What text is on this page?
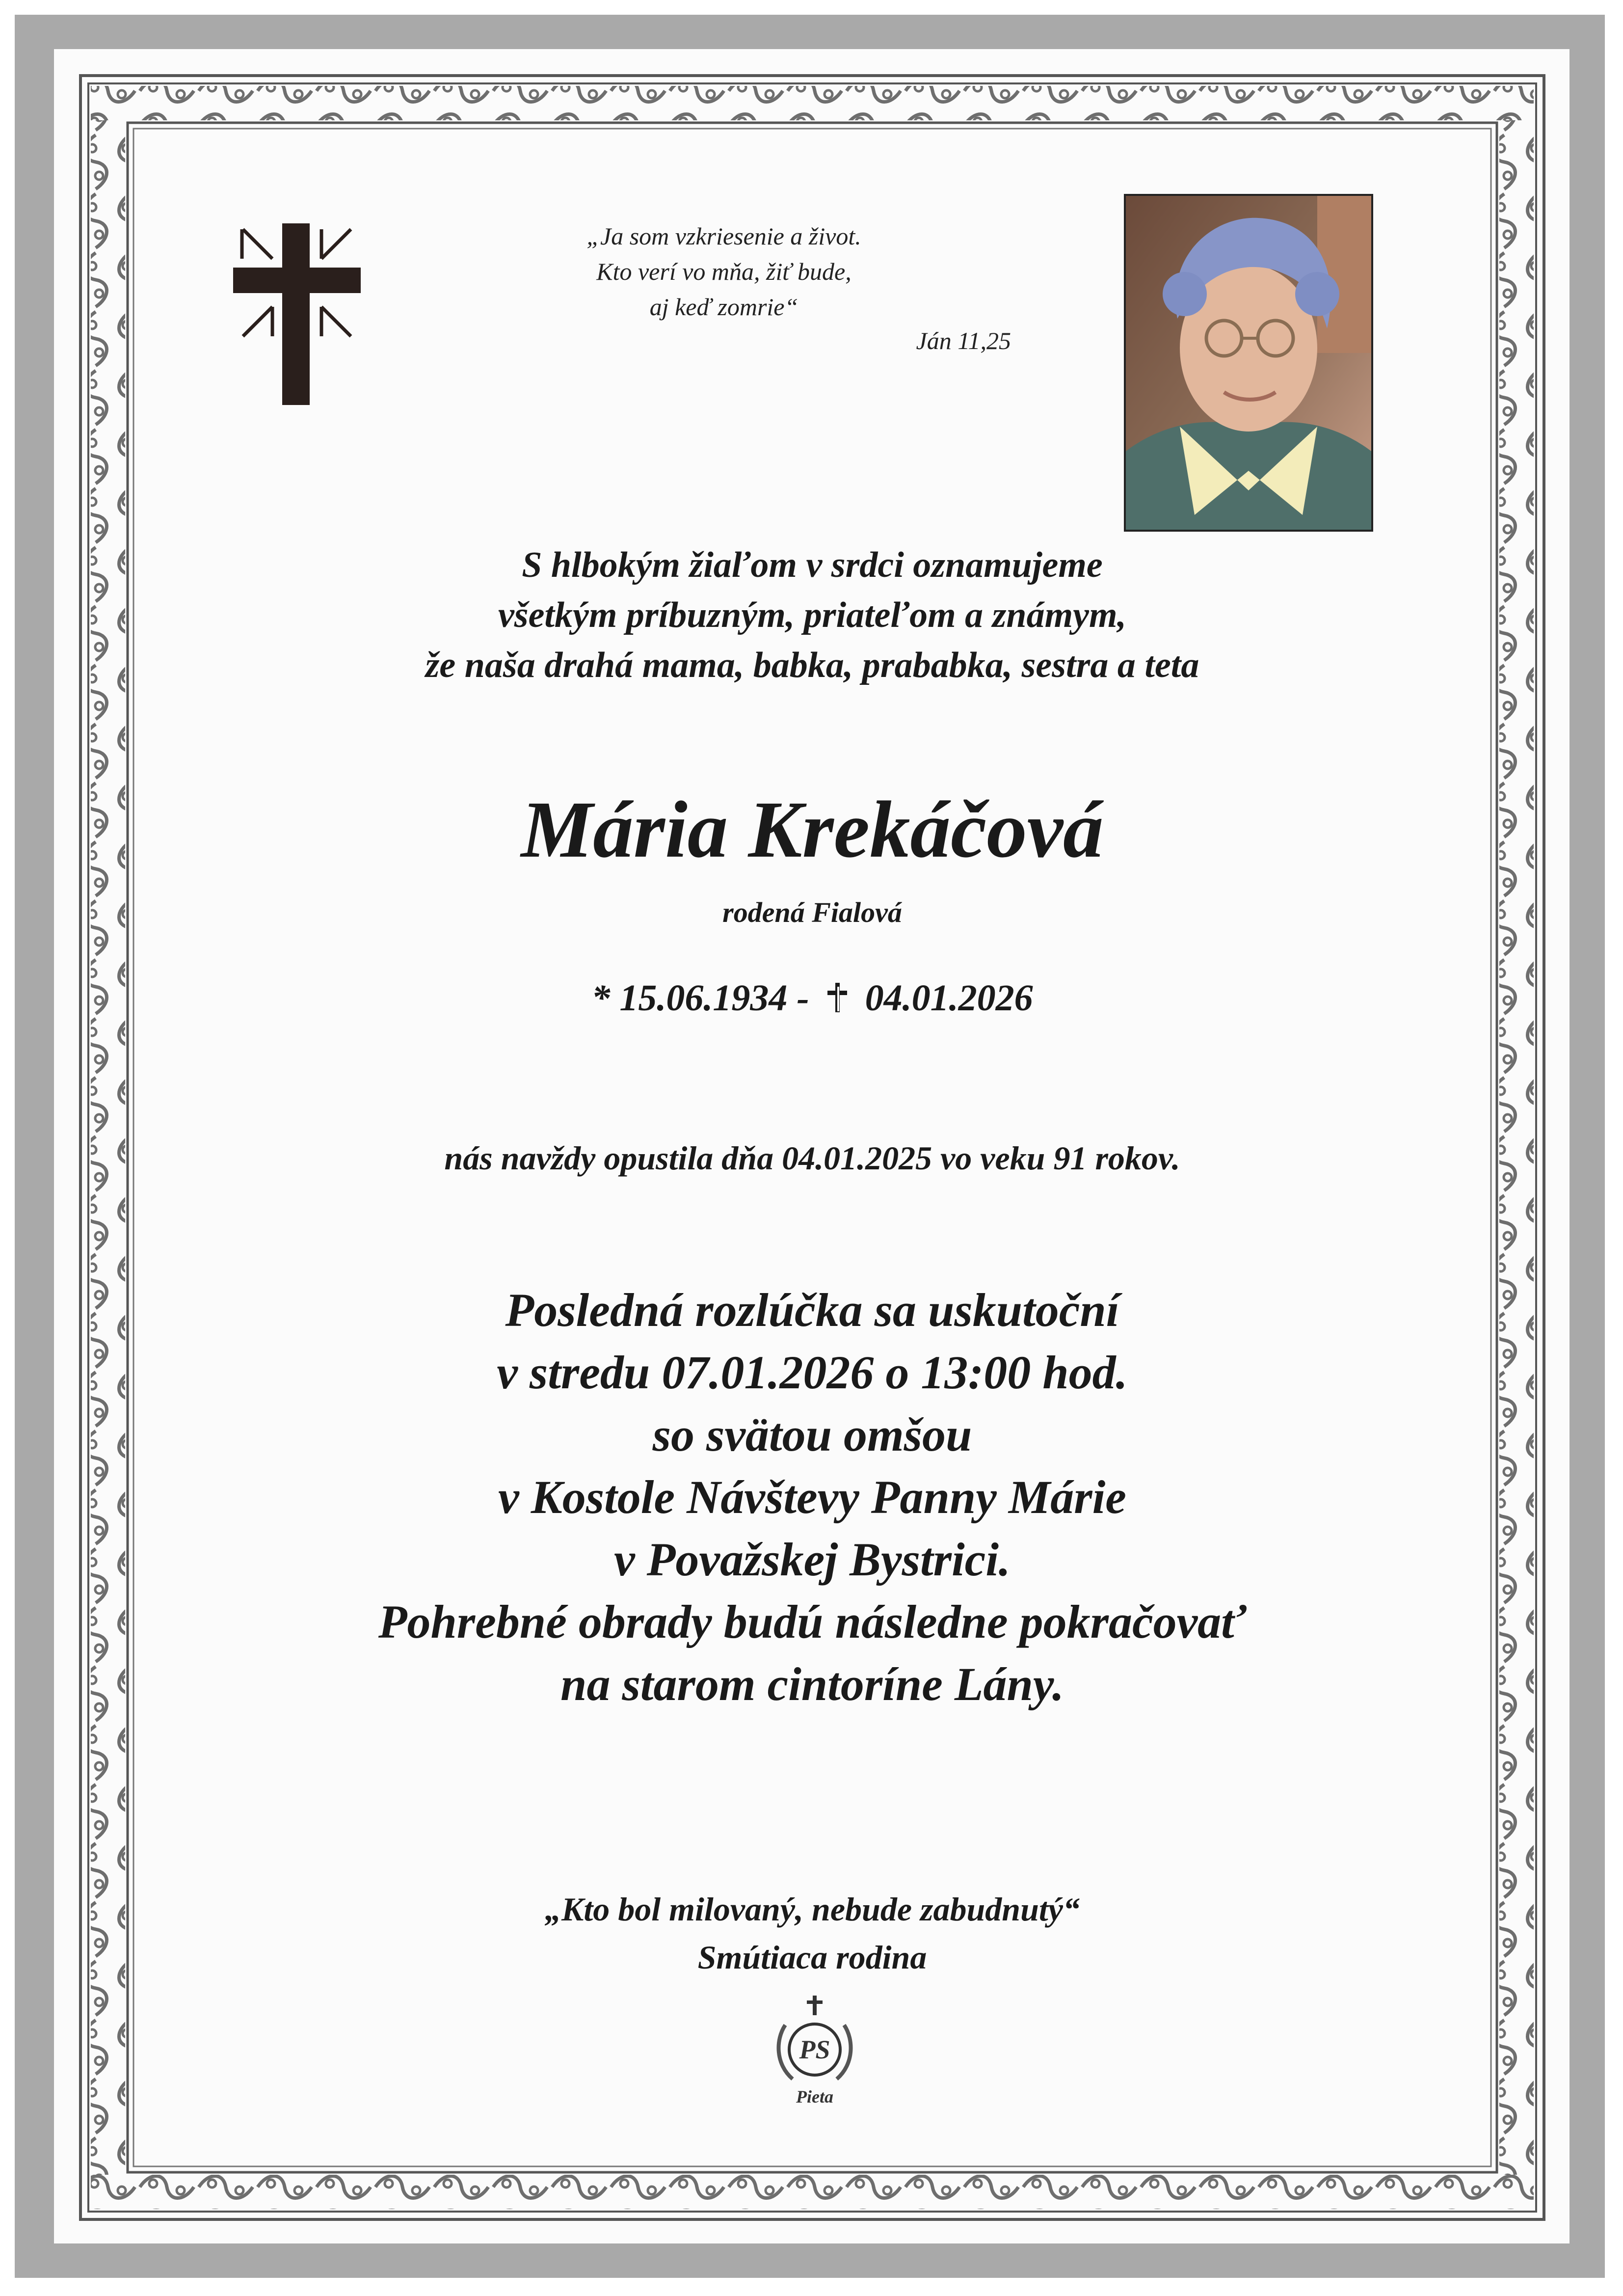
„Ja som vzkriesenie a život.
Kto verí vo mňa, žiť bude,
aj keď zomrie“
Ján 11,25
S hlbokým žiaľom v srdci oznamujeme
všetkým príbuzným, priateľom a známym,
že naša drahá mama, babka, prababka, sestra a teta
Mária Krekáčová
rodená Fialová
* 15.06.1934 - 04.01.2026
nás navždy opustila dňa 04.01.2025 vo veku 91 rokov.
Posledná rozlúčka sa uskutoční
v stredu 07.01.2026 o 13:00 hod.
so svätou omšou
v Kostole Návštevy Panny Márie
v Považskej Bystrici.
Pohrebné obrady budú následne pokračovať
na starom cintoríne Lány.
„Kto bol milovaný, nebude zabudnutý“
Smútiaca rodina
PS
Pieta
